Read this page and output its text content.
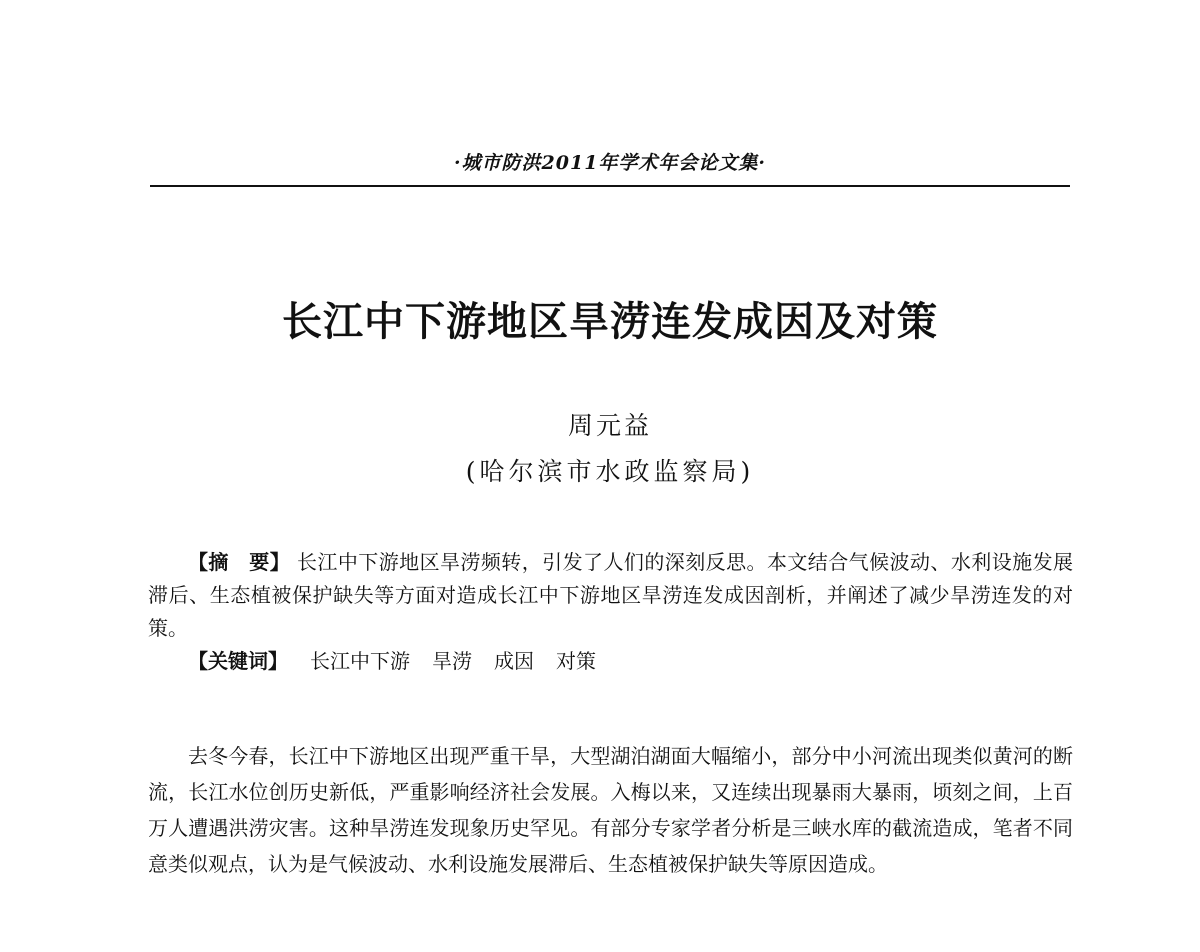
·城市防洪2011年学术年会论文集·
长江中下游地区旱涝连发成因及对策
周元益
(哈尔滨市水政监察局)

【摘　要】 长江中下游地区旱涝频转，引发了人们的深刻反思。本文结合气候波动、水利设施发展滞后、生态植被保护缺失等方面对造成长江中下游地区旱涝连发成因剖析，并阐述了减少旱涝连发的对策。

【关键词】 长江中下游 旱涝 成因 对策

去冬今春，长江中下游地区出现严重干旱，大型湖泊湖面大幅缩小，部分中小河流出现类似黄河的断流，长江水位创历史新低，严重影响经济社会发展。入梅以来，又连续出现暴雨大暴雨，顷刻之间，上百万人遭遇洪涝灾害。这种旱涝连发现象历史罕见。有部分专家学者分析是三峡水库的截流造成，笔者不同意类似观点，认为是气候波动、水利设施发展滞后、生态植被保护缺失等原因造成。
